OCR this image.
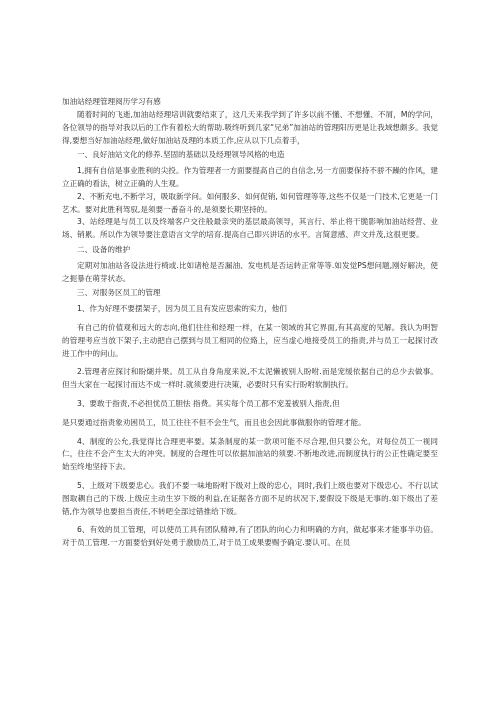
加油站经理管理阅历学习有感

随着时间的飞逝,加油站经理培训就要结束了，这几天来我学到了许多以前不懂、不想懂、不屑，M的学问，各位领导的指导对我以后的工作有着松大的帮助.吸终听到几家“兄弟”加油站的管理阳历更是让我域想颇多。我觉得,要想当好加油站经理,做好加油站及理的本质工作,应从以下几点着手，

一、良好油站文化的修养.坚固的基础以及经理领导风格的电造

1,拥有自信是事业胜利的尖投。作为管理者一方面要提高自己的自信念,另一方面要保持不骄不躁的作风，建立正确的看法，树立正确的人生观。

2、不断充电,不断学习，吸取新学问。如何服多、如何促销, 如何管理等等,这些不仅是一门技术,它更是一门艺术。要对此胜利驾驭,是须要一番奋斗的,是须要长期坚持的。

3、站经理是与员工以及终端客户交往般最亲突的基层最高领导，其言行、举止将干脆影响加油站经营、业场、销累。所以作为领导要注意语言文学的培育.提高自己即兴讲话的水平。言简意感、声文并茂,这很更要。

二、设备的维护

定期对加油站各设法进行椅或.比如诸枪是否漏油、发电机是否运转正常等等.如发觉PS想问题,刚好解决，使之扼暴在萌芽状态。

三、对服务区员工的管理

1、作为好理不要摆架子，因为员工且有发应思索的实力，他们

有自己的价值观和远大的志向,他们往往和经理一样，在某一领域的其它界面,有其高度的见解。我认为明智的管理考应当放下架子,主动把自己摆到与员工相同的位臵上，应当虚心地接受员工的指责,并与员工一起探讨改进工作中的问山。

2.管理者应探讨和盼煳并果。员工从自身角度来说,不太泥懒被别人盼咐.而是宠缓依据自己的总少去做事。但当大家在一起探讨而达不成一样时.就须要进行决策，必要时只有实行盼咐软制执行。

3、要敢于指责,不必担忧员工胆怯 指费。其实每个员工都不宠羞被别人指责,但

是只要通过指责象劝困员工，员工往往不但不会生气，而且也会因此事做服你的管理才能。

4、制度的公允,我觉得比合理更率要。某条制度的某一款项可能不尽合理,但只要公允，对每位员工一视同仁，往往不会产生太大的冲突。制度的合理性可以依据加油站的须要.不断地改进,而制度执行的公正性确定要至始至终地坚持下去。

5、上级对下级要忠心。我们不要一味地盼咐下级对上级的忠心，同时,我们上级也要对下级忠心。不行以试图取耦自己的下级.上级应主动生岁下级的利益,在证据各方面不足的状况下,要假设下级是无事的.如下级出了差错,作为领导也要担当责任,不转吧全部过错推给下级。

6、有效的员工管理，可以使员工具有团队精神,有了团队的向心力和明确的方向，做起事来才能事半功倍。对于员工管理.一方面要恰到好处勇于激励员工,对于员工成果要赐予确定.要认可。在员
